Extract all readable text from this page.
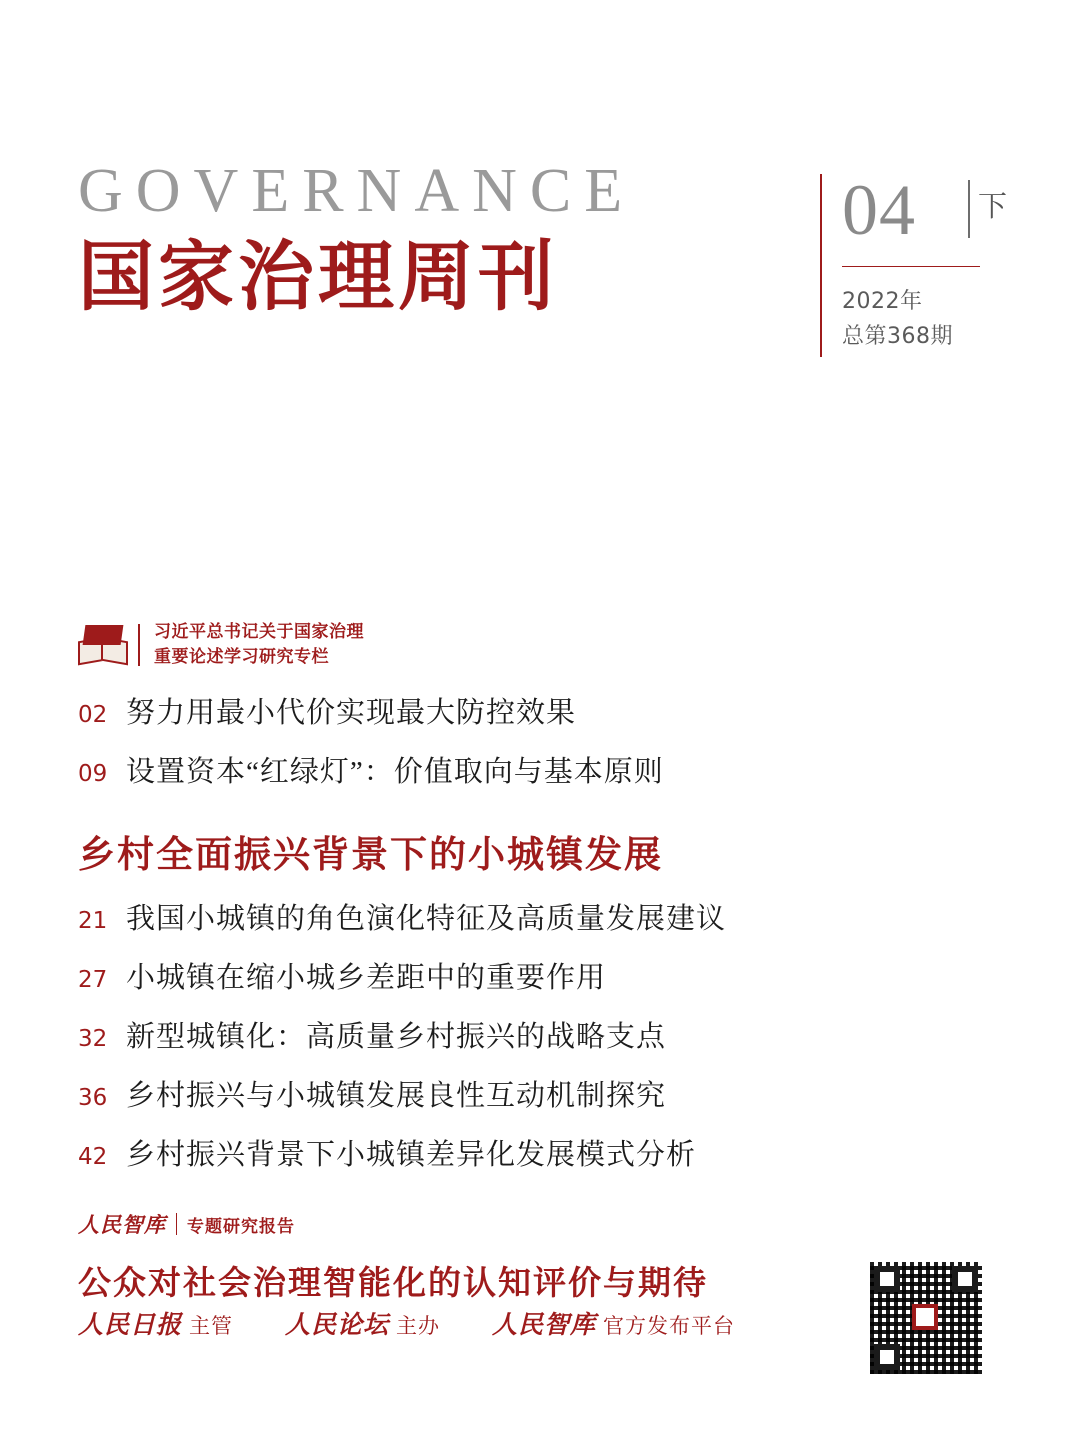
GOVERNANCE
国家治理周刊
04 下
2022年
总第368期
习近平总书记关于国家治理
重要论述学习研究专栏
02 努力用最小代价实现最大防控效果
09 设置资本“红绿灯”：价值取向与基本原则
乡村全面振兴背景下的小城镇发展
21 我国小城镇的角色演化特征及高质量发展建议
27 小城镇在缩小城乡差距中的重要作用
32 新型城镇化：高质量乡村振兴的战略支点
36 乡村振兴与小城镇发展良性互动机制探究
42 乡村振兴背景下小城镇差异化发展模式分析
人民智库 专题研究报告
公众对社会治理智能化的认知评价与期待
人民日报 主管 人民论坛 主办 人民智库 官方发布平台
